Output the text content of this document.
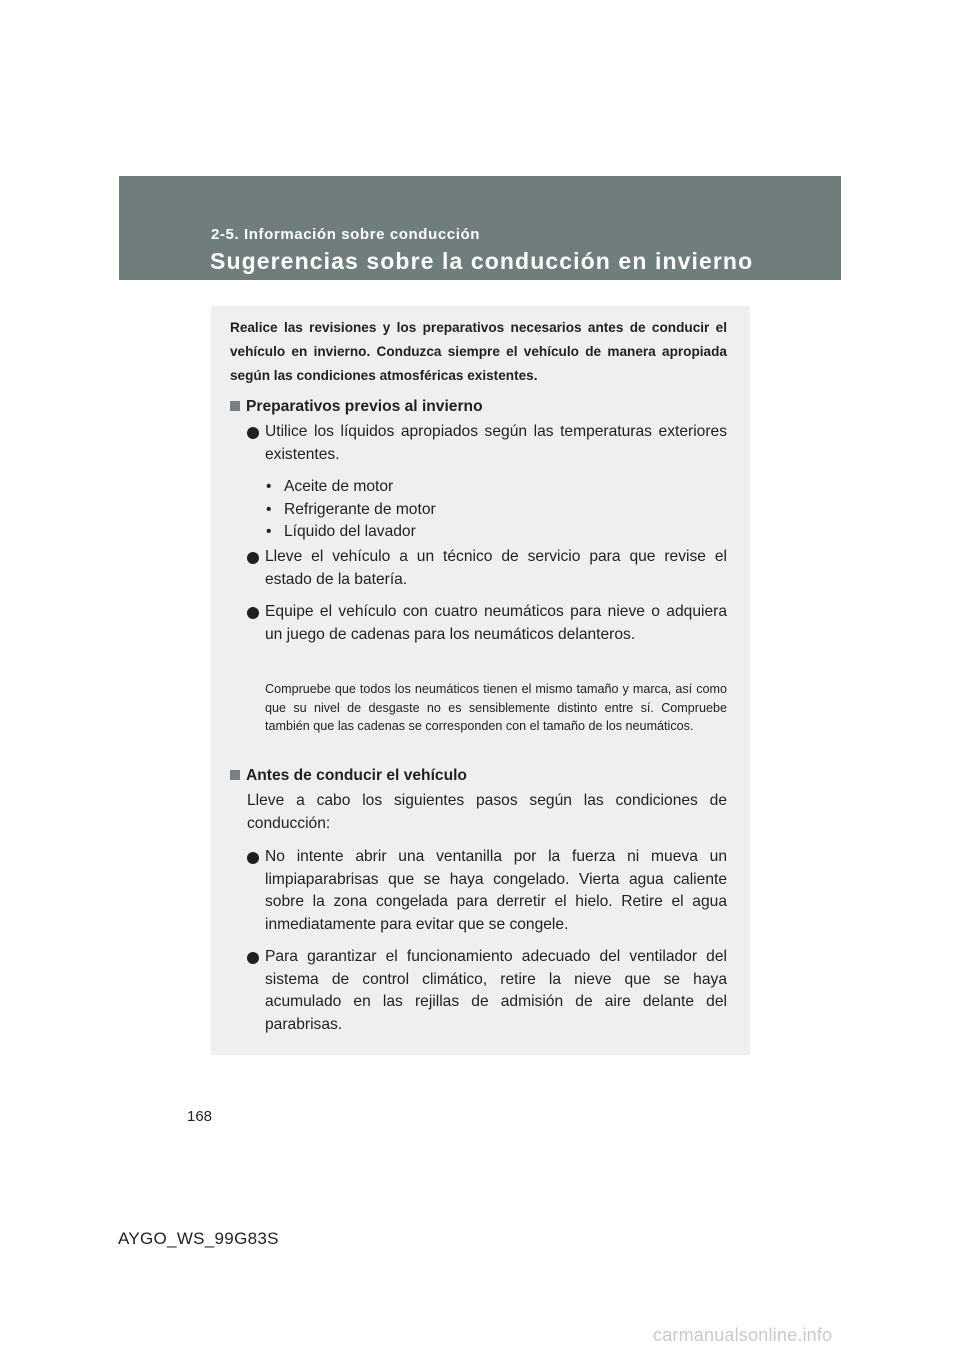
2-5. Información sobre conducción
Sugerencias sobre la conducción en invierno

Realice las revisiones y los preparativos necesarios antes de conducir el vehículo en invierno. Conduzca siempre el vehículo de manera apropiada según las condiciones atmosféricas existentes.

Preparativos previos al invierno

Utilice los líquidos apropiados según las temperaturas exteriores existentes.

• Aceite de motor
• Refrigerante de motor
• Líquido del lavador

Lleve el vehículo a un técnico de servicio para que revise el estado de la batería.

Equipe el vehículo con cuatro neumáticos para nieve o adquiera un juego de cadenas para los neumáticos delanteros.

Compruebe que todos los neumáticos tienen el mismo tamaño y marca, así como que su nivel de desgaste no es sensiblemente distinto entre sí. Compruebe también que las cadenas se corresponden con el tamaño de los neumáticos.

Antes de conducir el vehículo

Lleve a cabo los siguientes pasos según las condiciones de conducción:

No intente abrir una ventanilla por la fuerza ni mueva un limpiaparabrisas que se haya congelado. Vierta agua caliente sobre la zona congelada para derretir el hielo. Retire el agua inmediatamente para evitar que se congele.

Para garantizar el funcionamiento adecuado del ventilador del sistema de control climático, retire la nieve que se haya acumulado en las rejillas de admisión de aire delante del parabrisas.

168
AYGO_WS_99G83S
carmanualsonline.info
